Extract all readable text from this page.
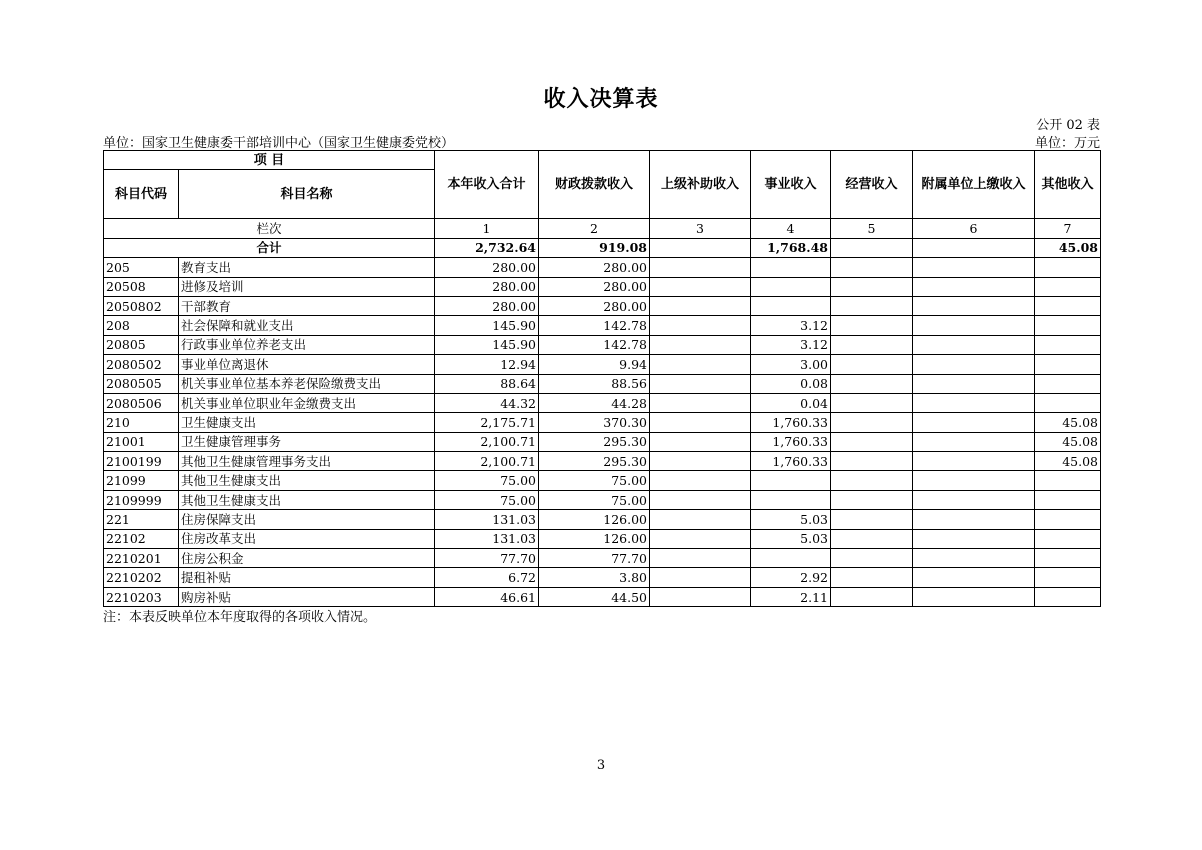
收入决算表
公开 02 表
单位：国家卫生健康委干部培训中心（国家卫生健康委党校）	单位：万元
项 目		本年收入合计	财政拨款收入	上级补助收入	事业收入	经营收入	附属单位上缴收入	其他收入
科目代码	科目名称							
栏次		1	2	3	4	5	6	7
合计		2,732.64	919.08		1,768.48			45.08
205	教育支出	280.00	280.00					
20508	进修及培训	280.00	280.00					
2050802	干部教育	280.00	280.00					
208	社会保障和就业支出	145.90	142.78		3.12			
20805	行政事业单位养老支出	145.90	142.78		3.12			
2080502	事业单位离退休	12.94	9.94		3.00			
2080505	机关事业单位基本养老保险缴费支出	88.64	88.56		0.08			
2080506	机关事业单位职业年金缴费支出	44.32	44.28		0.04			
210	卫生健康支出	2,175.71	370.30		1,760.33			45.08
21001	卫生健康管理事务	2,100.71	295.30		1,760.33			45.08
2100199	其他卫生健康管理事务支出	2,100.71	295.30		1,760.33			45.08
21099	其他卫生健康支出	75.00	75.00					
2109999	其他卫生健康支出	75.00	75.00					
221	住房保障支出	131.03	126.00		5.03			
22102	住房改革支出	131.03	126.00		5.03			
2210201	住房公积金	77.70	77.70					
2210202	提租补贴	6.72	3.80		2.92			
2210203	购房补贴	46.61	44.50		2.11			
注：本表反映单位本年度取得的各项收入情况。
3
